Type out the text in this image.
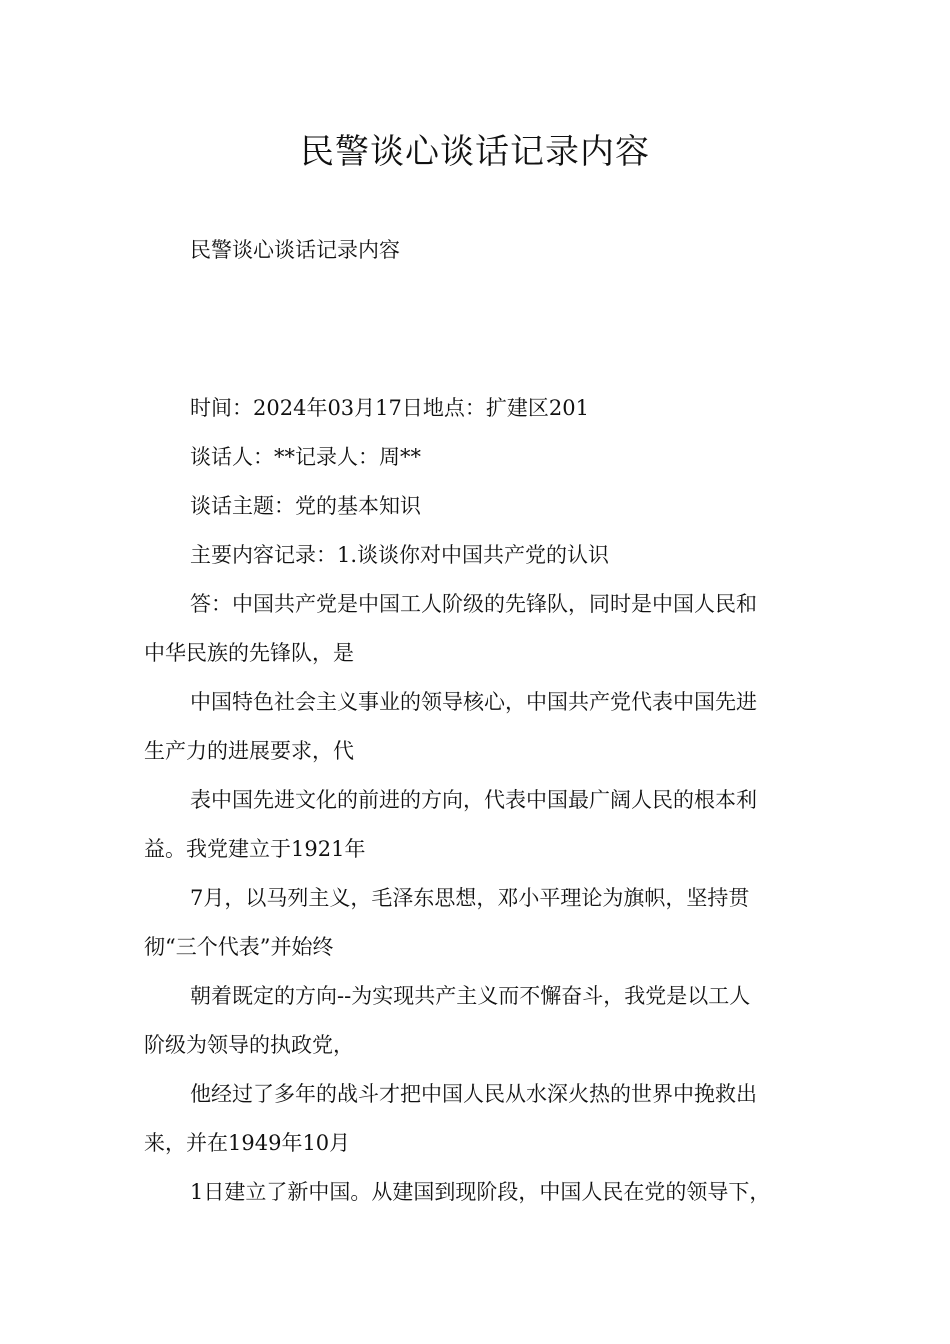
民警谈心谈话记录内容
民警谈心谈话记录内容

时间：2024年03月17日地点：扩建区201

谈话人：**记录人：周**

谈话主题：党的基本知识

主要内容记录：1.谈谈你对中国共产党的认识

答：中国共产党是中国工人阶级的先锋队，同时是中国人民和

中华民族的先锋队，是

中国特色社会主义事业的领导核心，中国共产党代表中国先进

生产力的进展要求，代

表中国先进文化的前进的方向，代表中国最广阔人民的根本利

益。我党建立于1921年

7月，以马列主义，毛泽东思想，邓小平理论为旗帜，坚持贯

彻“三个代表”并始终

朝着既定的方向--为实现共产主义而不懈奋斗，我党是以工人

阶级为领导的执政党，

他经过了多年的战斗才把中国人民从水深火热的世界中挽救出

来，并在1949年10月

1日建立了新中国。从建国到现阶段，中国人民在党的领导下，
